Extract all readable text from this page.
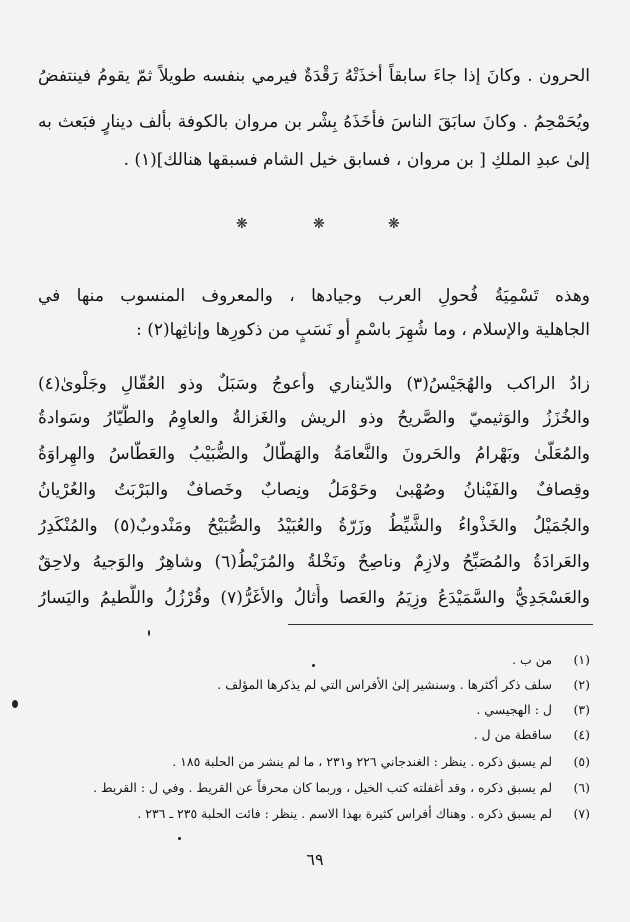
الحرون . وكانَ إذا جاءَ سابقاً أخذَتْهُ رَقْدَةٌ فيرمي بنفسه طويلاً ثمّ يقومُ فينتفضُ
ويُحَمْحِمُ . وكانَ سابَقَ الناسَ فأخَذَهُ بِشْر بن مروان بالكوفة بألف دينارٍ فبَعث به
إلىٰ عبدِ الملكِ [ بن مروان ، فسابق خيل الشام فسبقها هنالك](١) .
❋
❋
❋
وهذه تَسْمِيَةُ فُحولِ العرب وجيادها ، والمعروف المنسوب منها في
الجاهلية والإسلام ، وما شُهِرَ باسْمٍ أو نَسَبٍ من ذكورِها وإناثِها(٢) :
زادُ الراكب والهُجَيْسُ(٣) والدّيناري وأعوجُ وسَبَلٌ وذو العُقّالِ وجَلْوىٰ(٤)
والخُزَزُ والوَثيميّ والصَّريحُ وذو الريش والغَزالةُ والعاوِمُ والطَّيّارُ وسَوادةُ
والمُعَلّىٰ وبَهْرامُ والحَرونَ والنَّعامَةُ والهَطّالُ والضُّبَيْبُ والعَطّاسُ والهِراوَةُ
وقِصافٌ والفَيْنانُ وصُهْبىٰ وحَوْمَلُ ونِصابٌ وخَصافٌ والبَرْبَتُ والعُرْيانُ
والجُمَيْلُ والخَذْواءُ والشَّيِّطُ وزَرّةُ والعُبَيْدُ والصُّبَيْحُ ومَنْدوبٌ(٥) والمُنْكَدِرُ
والعَرادَةُ والمُصَبِّحُ ولازِمٌ وناصِحٌ ونَخْلةُ والمُرَيْطُ(٦) وشاهِرٌ والوَجيهُ ولاحِقٌ
والعَسْجَدِيُّ والسَّمَيْدَعُ وزِيَمُ والعَصا وأُثالُ والأغَرُّ(٧) وقُرْزُلُ واللَّطيمُ واليَسارُ
(١) من ب .
(٢) سلف ذكر أكثرها . وسنشير إلىٰ الأفراس التي لم يذكرها المؤلف .
(٣) ل : الهجيسي .
(٤) ساقطة من ل .
(٥) لم يسبق ذكره . ينظر : الغندجاني ٢٢٦ و٢٣١ ، ما لم ينشر من الحلبة ١٨٥ .
(٦) لم يسبق ذكره ، وقد أغفلته كتب الخيل ، وربما كان محرفاً عن القريط . وفي ل : القريط .
(٧) لم يسبق ذكره . وهناك أفراس كثيرة بهذا الاسم . ينظر : فائت الحلبة ٢٣٥ ـ ٢٣٦ .
٦٩
